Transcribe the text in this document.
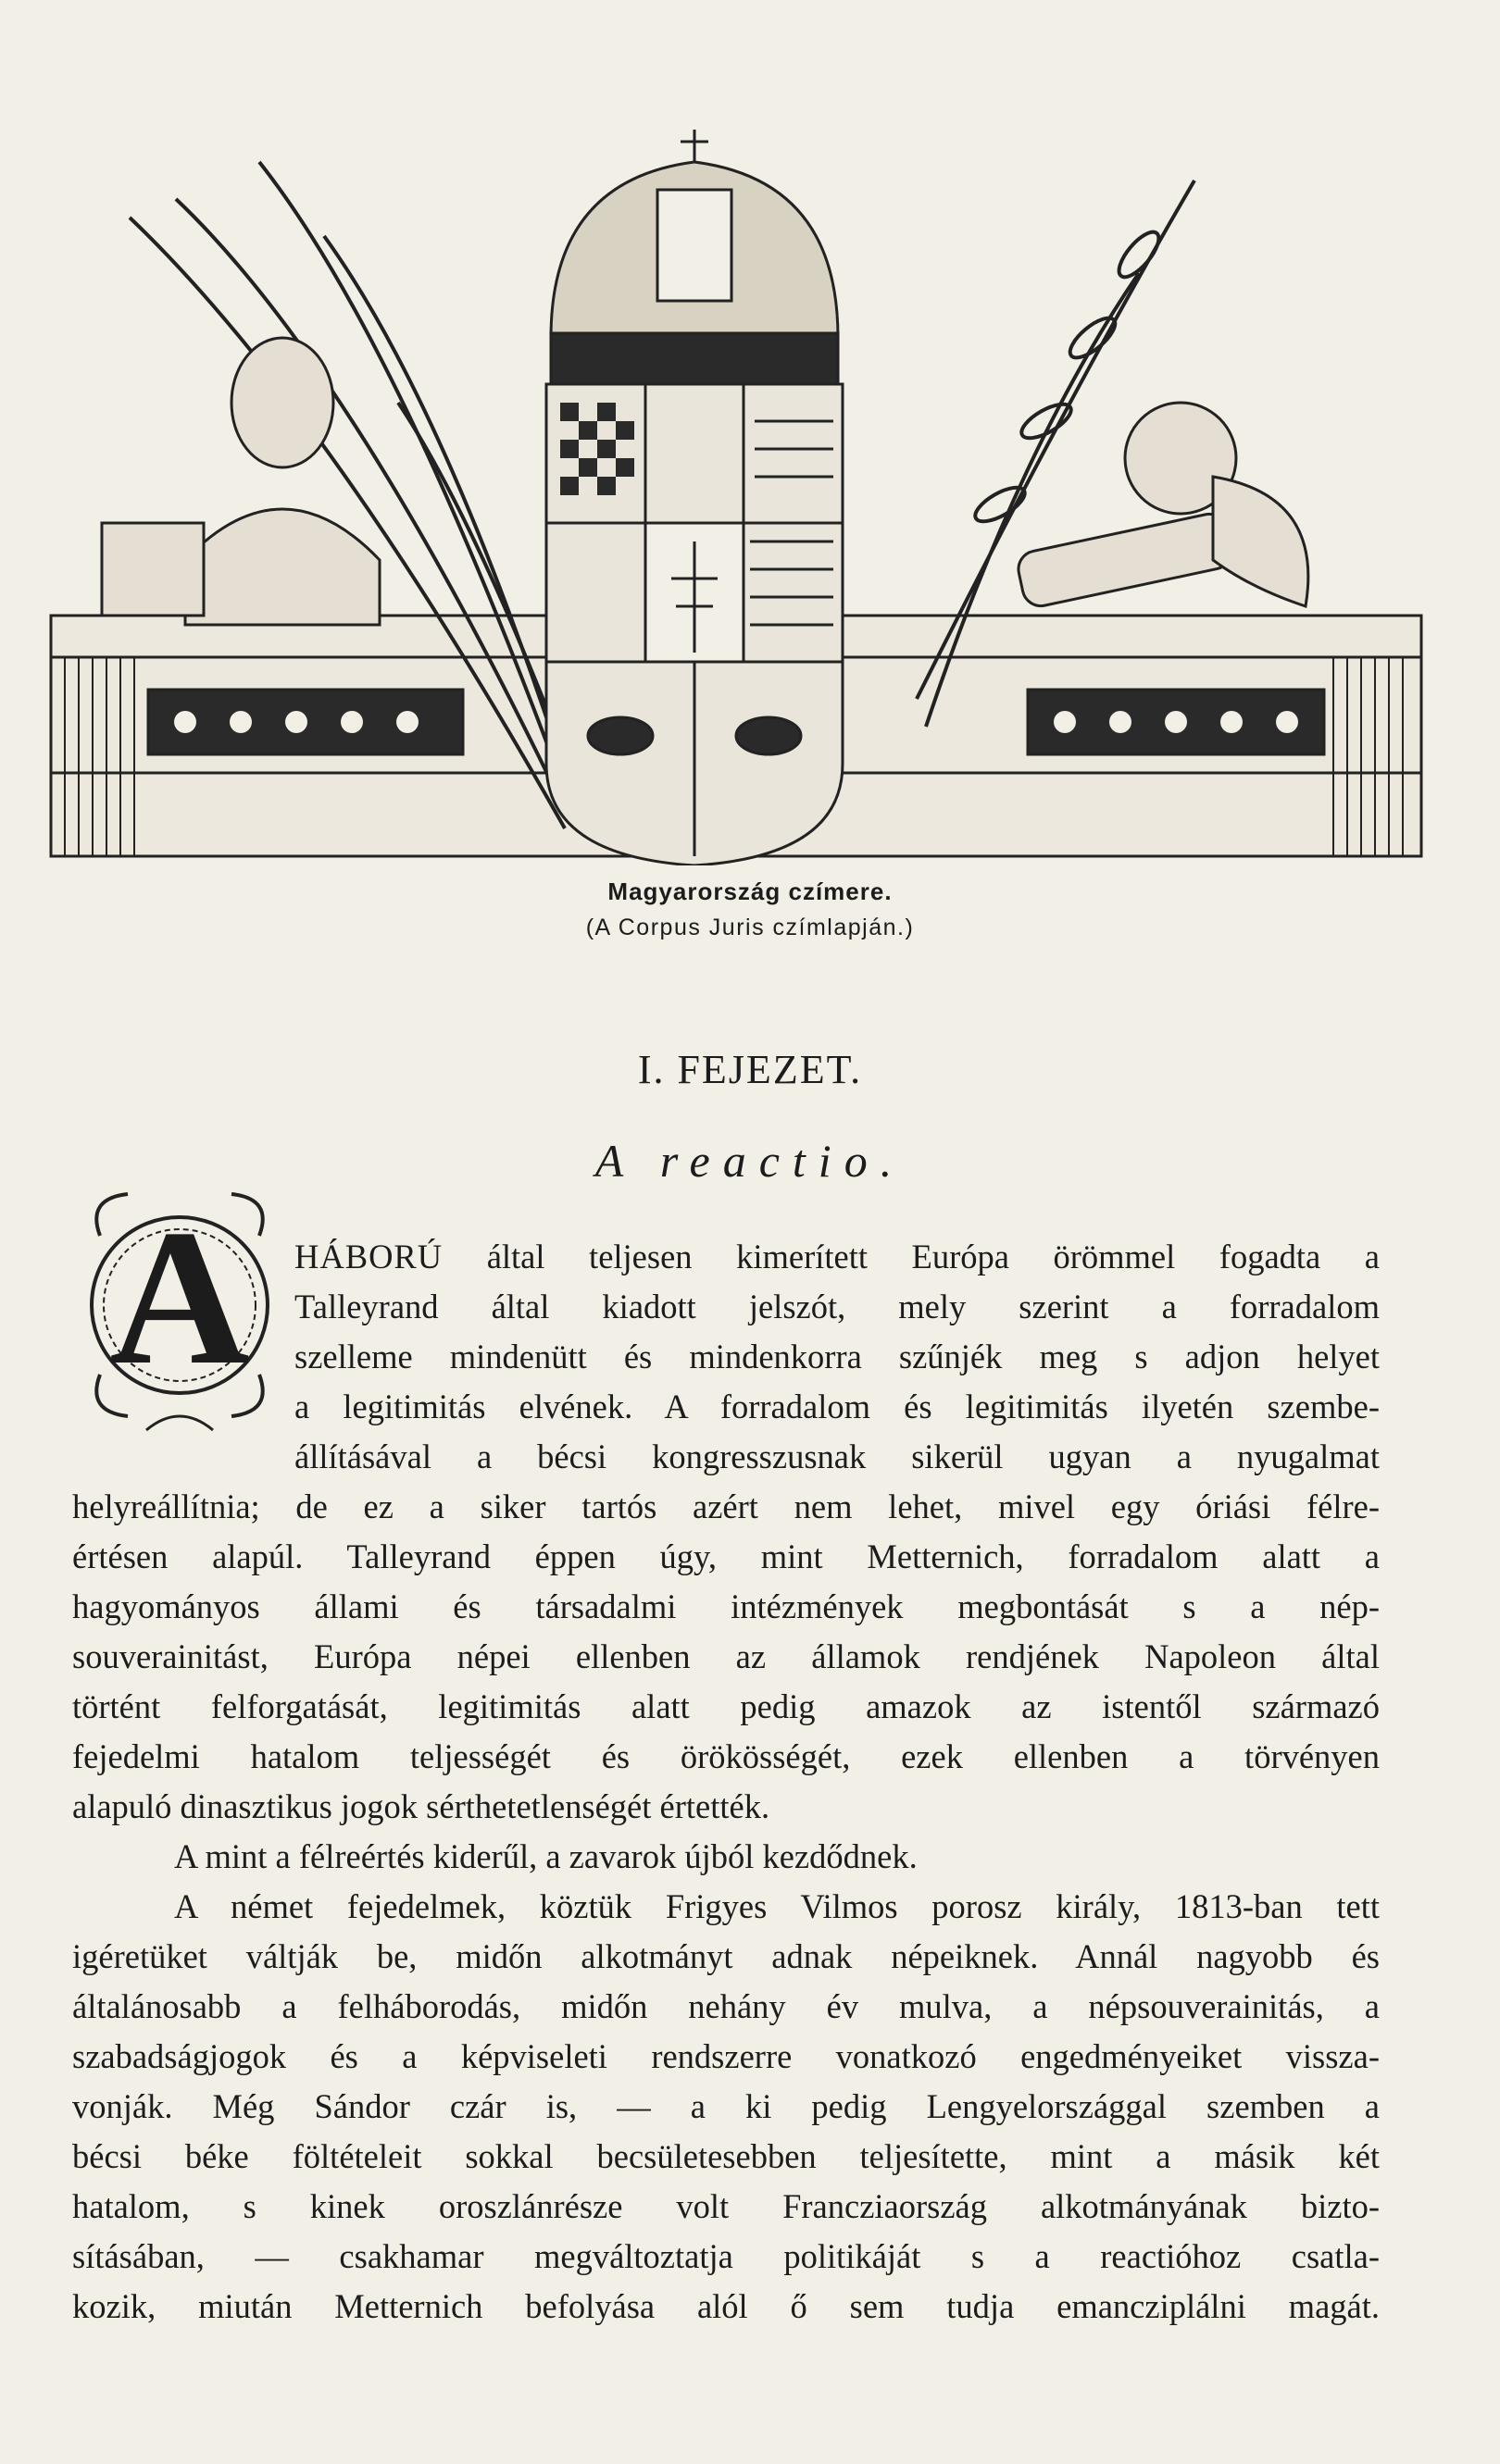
Magyarország czímere.
(A Corpus Juris czímlapján.)
I. FEJEZET.
A reactio.
A	HÁBORÚ által teljesen kimerített Európa örömmel fogadta a
Talleyrand által kiadott jelszót, mely szerint a forradalom
szelleme mindenütt és mindenkorra szűnjék meg s adjon helyet
a legitimitás elvének. A forradalom és legitimitás ilyetén szembe-
állításával a bécsi kongresszusnak sikerül ugyan a nyugalmat
helyreállítnia; de ez a siker tartós azért nem lehet, mivel egy óriási félre-
értésen alapúl. Talleyrand éppen úgy, mint Metternich, forradalom alatt a
hagyományos állami és társadalmi intézmények megbontását s a nép-
souverainitást, Európa népei ellenben az államok rendjének Napoleon által
történt felforgatását, legitimitás alatt pedig amazok az istentől származó
fejedelmi hatalom teljességét és örökösségét, ezek ellenben a törvényen
alapuló dinasztikus jogok sérthetetlenségét értették.
A mint a félreértés kiderűl, a zavarok újból kezdődnek.
A német fejedelmek, köztük Frigyes Vilmos porosz király, 1813-ban tett
igéretüket váltják be, midőn alkotmányt adnak népeiknek. Annál nagyobb és
általánosabb a felháborodás, midőn nehány év mulva, a népsouverainitás, a
szabadságjogok és a képviseleti rendszerre vonatkozó engedményeiket vissza-
vonják. Még Sándor czár is, — a ki pedig Lengyelországgal szemben a
bécsi béke föltételeit sokkal becsületesebben teljesítette, mint a másik két
hatalom, s kinek oroszlánrésze volt Francziaország alkotmányának bizto-
sításában, — csakhamar megváltoztatja politikáját s a reactióhoz csatla-
kozik, miután Metternich befolyása alól ő sem tudja emancziplálni magát.
